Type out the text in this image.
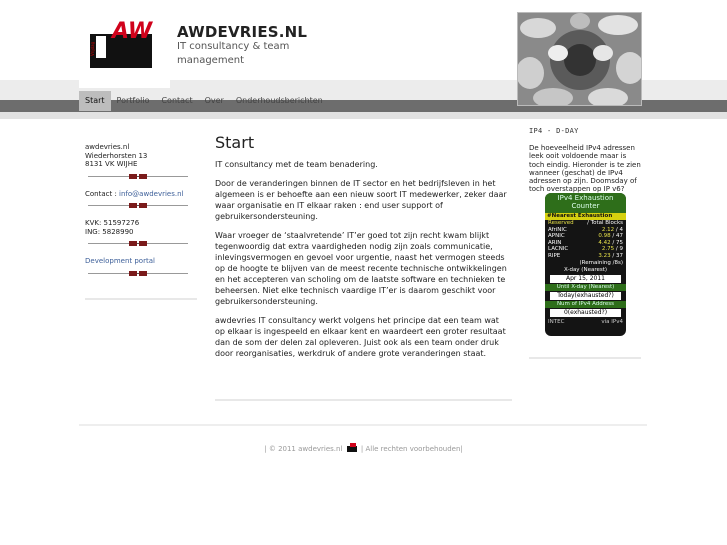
Vrijdag
AW AWDEVRIES.NL
IT consultancy & team management
Start	Portfolio	Contact	Over	Onderhoudsberichten
awdevries.nl
Wiederhorsten 13
8131 VK WIJHE
Contact : info@awdevries.nl
KVK: 51597276
ING: 5828990
Development portal
Start

IT consultancy met de team benadering.

Door de veranderingen binnen de IT sector en het bedrijfsleven in het algemeen is er behoefte aan een nieuw soort IT medewerker, zeker daar waar organisatie en IT elkaar raken : end user support of gebruikersondersteuning.

Waar vroeger de ‘staalvretende’ IT’er goed tot zijn recht kwam blijkt tegenwoordig dat extra vaardigheden nodig zijn zoals communicatie, inlevingsvermogen en gevoel voor urgentie, naast het vermogen steeds op de hoogte te blijven van de meest recente technische ontwikkelingen en het accepteren van scholing om de laatste software en technieken te beheersen. Niet elke technisch vaardige IT’er is daarom geschikt voor gebruikersondersteuning.

awdevries IT consultancy werkt volgens het principe dat een team wat op elkaar is ingespeeld en elkaar kent en waardeert een groter resultaat dan de som der delen zal opleveren. Juist ook als een team onder druk door reorganisaties, werkdruk of andere grote veranderingen staat.

IP4 - D-DAY
De hoeveelheid IPv4 adressen leek ooit voldoende maar is toch eindig. Hieronder is te zien wanneer (geschat) de IPv4 adressen op zijn. Doomsday of toch overstappen op IP v6?
IPv4 Exhaustion Counter
#Nearest Exhaustion
Reserved / Total Blocks
AfriNIC	2.12 / 4
APNIC	0.98 / 47
ARIN	4.42 / 75
LACNIC	2.75 / 9
RIPE	3.23 / 37
(Remaining /8s)
X-day (Nearest)
Apr 15, 2011
Until X-day (Nearest)
Today(exhausted?)
Num of IPv4 Address
0(exhausted?)
INTEC	via IPv4
| © 2011 awdevries.nl	| Alle rechten voorbehouden|
